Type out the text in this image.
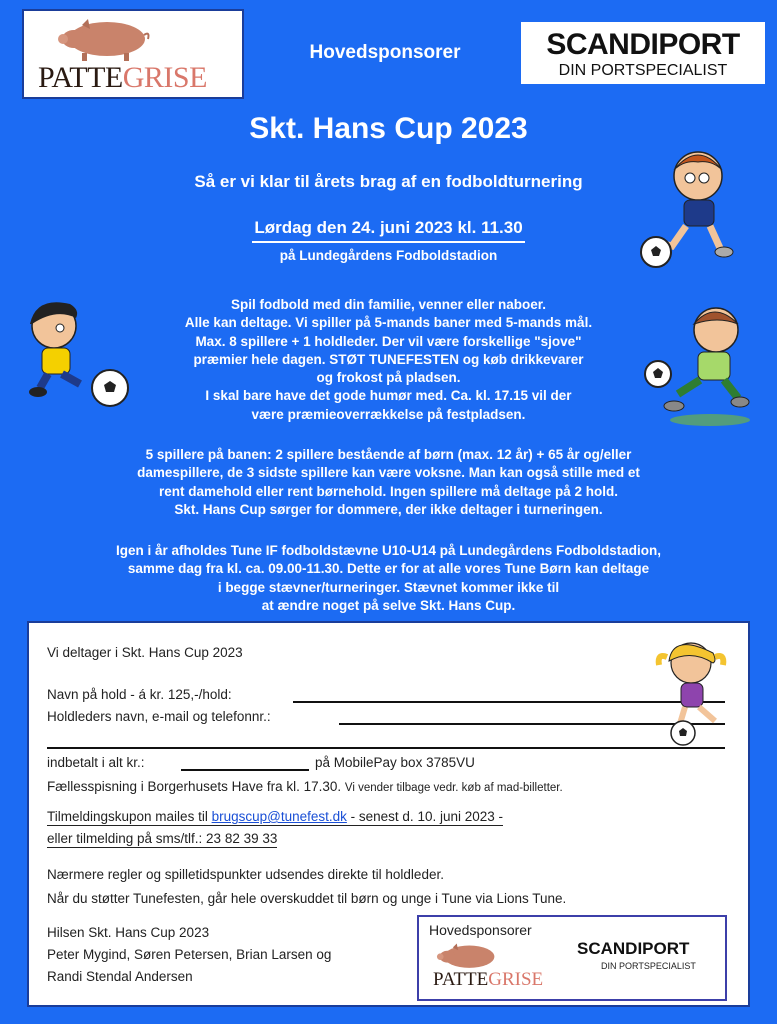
PATTEGRISE
Hovedsponsorer	SCANDIPORT
DIN PORTSPECIALIST
Skt. Hans Cup 2023
Så er vi klar til årets brag af en fodboldturnering
Lørdag den 24. juni 2023 kl. 11.30
på Lundegårdens Fodboldstadion
Spil fodbold med din familie, venner eller naboer.
Alle kan deltage. Vi spiller på 5-mands baner med 5-mands mål.
Max. 8 spillere + 1 holdleder. Der vil være forskellige "sjove"
præmier hele dagen. STØT TUNEFESTEN og køb drikkevarer
og frokost på pladsen.
I skal bare have det gode humør med. Ca. kl. 17.15 vil der
være præmieoverrækkelse på festpladsen.
5 spillere på banen: 2 spillere bestående af børn (max. 12 år) + 65 år og/eller
damespillere, de 3 sidste spillere kan være voksne. Man kan også stille med et
rent damehold eller rent børnehold. Ingen spillere må deltage på 2 hold.
Skt. Hans Cup sørger for dommere, der ikke deltager i turneringen.
Igen i år afholdes Tune IF fodboldstævne U10-U14 på Lundegårdens Fodboldstadion,
samme dag fra kl. ca. 09.00-11.30. Dette er for at alle vores Tune Børn kan deltage
i begge stævner/turneringer. Stævnet kommer ikke til
at ændre noget på selve Skt. Hans Cup.
Vi deltager i Skt. Hans Cup 2023
Navn på hold - á kr. 125,-/hold:
Holdleders navn, e-mail og telefonnr.:
indbetalt i alt kr.:	på MobilePay box 3785VU
Fællesspisning i Borgerhusets Have fra kl. 17.30. Vi vender tilbage vedr. køb af mad-billetter.
Tilmeldingskupon mailes til brugscup@tunefest.dk - senest d. 10. juni 2023 -
eller tilmelding på sms/tlf.: 23 82 39 33
Nærmere regler og spilletidspunkter udsendes direkte til holdleder.
Når du støtter Tunefesten, går hele overskuddet til børn og unge i Tune via Lions Tune.
Hilsen Skt. Hans Cup 2023
Peter Mygind, Søren Petersen, Brian Larsen og
Randi Stendal Andersen
Hovedsponsorer
PATTEGRISE
SCANDIPORT
DIN PORTSPECIALIST
